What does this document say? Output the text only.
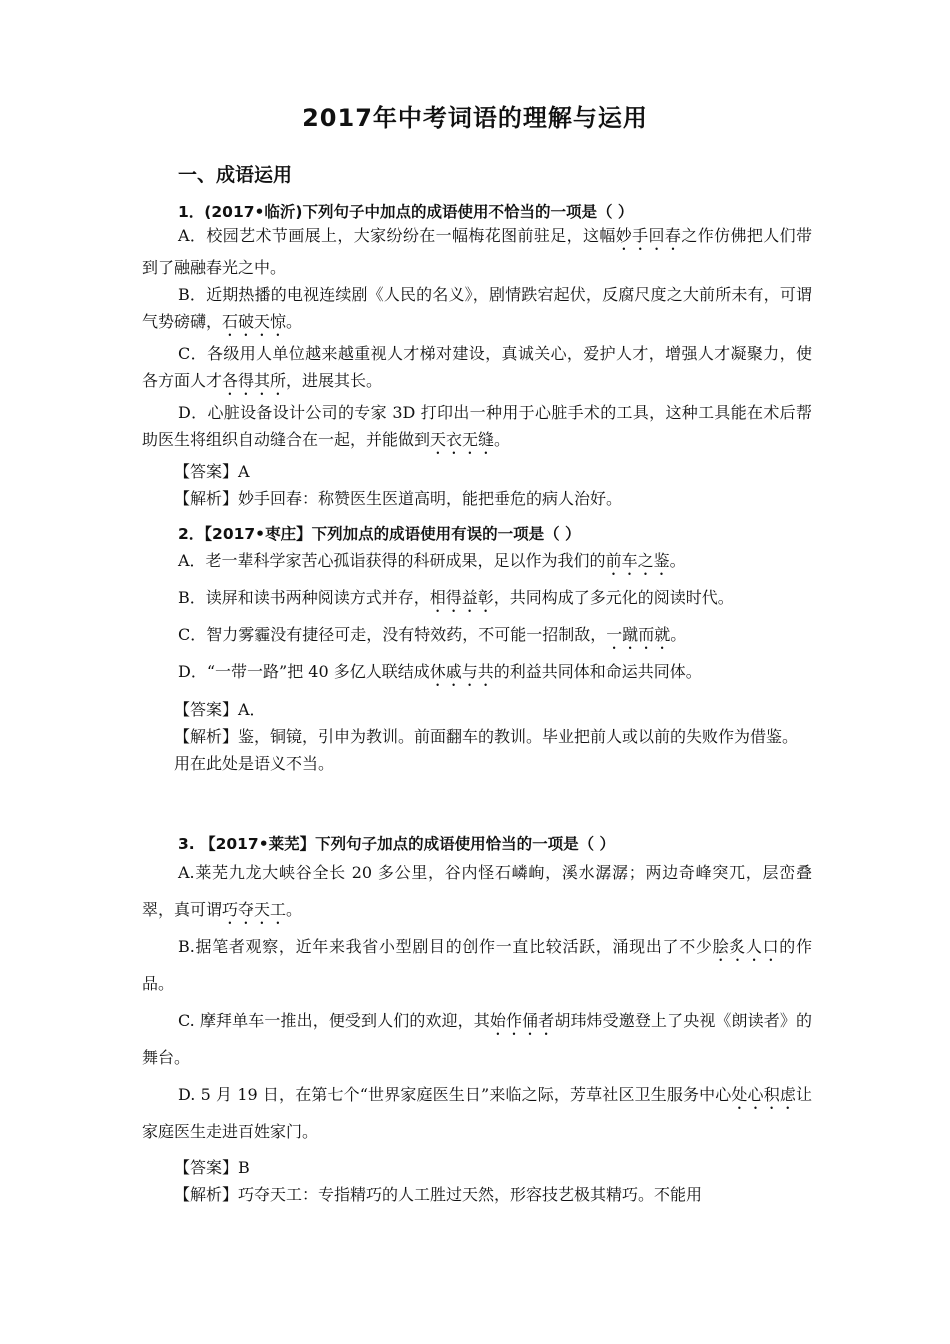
2017年中考词语的理解与运用
一、成语运用
1．(2017•临沂)下列句子中加点的成语使用不恰当的一项是（ ）
A．校园艺术节画展上，大家纷纷在一幅梅花图前驻足，这幅妙手回春之作仿佛把人们带到了融融春光之中。
B．近期热播的电视连续剧《人民的名义》，剧情跌宕起伏，反腐尺度之大前所未有，可谓气势磅礴，石破天惊。
C．各级用人单位越来越重视人才梯对建设，真诚关心，爱护人才，增强人才凝聚力，使各方面人才各得其所，进展其长。
D．心脏设备设计公司的专家 3D 打印出一种用于心脏手术的工具，这种工具能在术后帮助医生将组织自动缝合在一起，并能做到天衣无缝。
【答案】A
【解析】妙手回春：称赞医生医道高明，能把垂危的病人治好。
2．【2017•枣庄】下列加点的成语使用有误的一项是（ ）
A．老一辈科学家苦心孤诣获得的科研成果，足以作为我们的前车之鉴。
B．读屏和读书两种阅读方式并存，相得益彰，共同构成了多元化的阅读时代。
C．智力雾霾没有捷径可走，没有特效药，不可能一招制敌，一蹴而就。
D．“一带一路”把 40 多亿人联结成休戚与共的利益共同体和命运共同体。
【答案】A．
【解析】鉴，铜镜，引申为教训。前面翻车的教训。毕业把前人或以前的失败作为借鉴。用在此处是语义不当。
3. 【2017•莱芜】下列句子加点的成语使用恰当的一项是（ ）
A.莱芜九龙大峡谷全长 20 多公里，谷内怪石嶙峋，溪水潺潺；两边奇峰突兀，层峦叠翠，真可谓巧夺天工。
B.据笔者观察，近年来我省小型剧目的创作一直比较活跃，涌现出了不少脍炙人口的作品。
C. 摩拜单车一推出，便受到人们的欢迎，其始作俑者胡玮炜受邀登上了央视《朗读者》的舞台。
D. 5 月 19 日，在第七个“世界家庭医生日”来临之际，芳草社区卫生服务中心处心积虑让家庭医生走进百姓家门。
【答案】B
【解析】巧夺天工：专指精巧的人工胜过天然，形容技艺极其精巧。不能用
